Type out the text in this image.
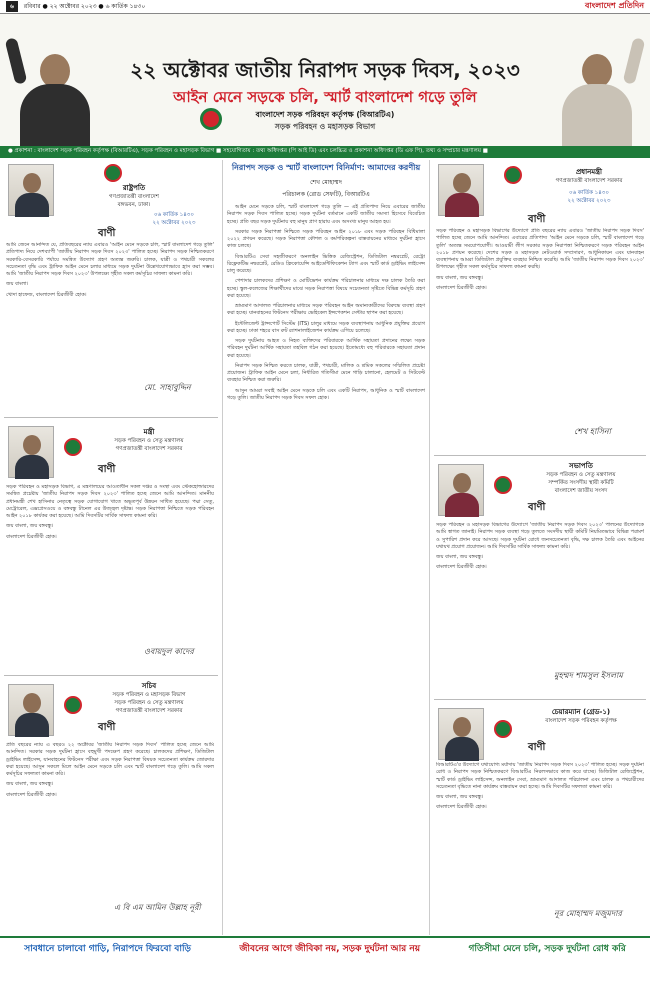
৬	রবিবার ● ২২ অক্টোবর ২০২৩ ● ৬ কার্তিক ১৪৩০	বাংলাদেশ প্রতিদিন
২২ অক্টোবর জাতীয় নিরাপদ সড়ক দিবস, ২০২৩
আইন মেনে সড়কে চলি, স্মার্ট বাংলাদেশ গড়ে তুলি
বাংলাদেশ সড়ক পরিবহন কর্তৃপক্ষ (বিআরটিএ)
সড়ক পরিবহন ও মহাসড়ক বিভাগ
● প্রকাশনা : বাংলাদেশ সড়ক পরিবহন কর্তৃপক্ষ (বিআরটিএ), সড়ক পরিবহন ও মহাসড়ক বিভাগ ■ সহযোগিতায় : তথ্য অধিদপ্তর (পি আই ডি) এবং চলচ্চিত্র ও প্রকাশনা অধিদপ্তর (ডি এফ পি), তথ্য ও সম্প্রচার মন্ত্রণালয় ■
রাষ্ট্রপতি
গণপ্রজাতন্ত্রী বাংলাদেশ
বঙ্গভবন, ঢাকা।
০৬ কার্তিক ১৪৩০
২২ অক্টোবর ২০২৩
বাণী

আমি জেনে আনন্দিত যে, প্রতিবছরের ন্যায় এবারও 'আইন মেনে সড়কে চলি, স্মার্ট বাংলাদেশ গড়ে তুলি' প্রতিপাদ্য নিয়ে দেশব্যাপী 'জাতীয় নিরাপদ সড়ক দিবস ২০২৩' পালিত হচ্ছে। নিরাপদ সড়ক নিশ্চিতকরণে সরকারি-বেসরকারি পর্যায়ে সমন্বিত উদ্যোগ গ্রহণ অত্যন্ত জরুরি। চালক, যাত্রী ও পথচারী সকলের সচেতনতা বৃদ্ধি এবং ট্রাফিক আইন মেনে চলার মাধ্যমে সড়ক দুর্ঘটনা উল্লেখযোগ্যভাবে হ্রাস করা সম্ভব। আমি 'জাতীয় নিরাপদ সড়ক দিবস ২০২৩' উপলক্ষ্যে গৃহীত সকল কর্মসূচির সাফল্য কামনা করি।

জয় বাংলা।

খোদা হাফেজ, বাংলাদেশ চিরজীবী হোক।

মো. সাহাবুদ্দিন
মন্ত্রী
সড়ক পরিবহন ও সেতু মন্ত্রণালয়
গণপ্রজাতন্ত্রী বাংলাদেশ সরকার
বাণী

সড়ক পরিবহন ও মহাসড়ক বিভাগ, এ মন্ত্রণালয়ের আওতাধীন সকল দপ্তর ও সংস্থা এবং স্টেকহোল্ডারদের সমন্বিত প্রচেষ্টায় 'জাতীয় নিরাপদ সড়ক দিবস ২০২৩' পালিত হচ্ছে জেনে আমি আনন্দিত। মাননীয় প্রধানমন্ত্রী শেখ হাসিনার নেতৃত্বে সড়ক যোগাযোগ খাতে অভূতপূর্ব উন্নয়ন সাধিত হয়েছে। পদ্মা সেতু, মেট্রোরেল, এক্সপ্রেসওয়ে ও বঙ্গবন্ধু টানেল এর উজ্জ্বল দৃষ্টান্ত। সড়ক নিরাপত্তা নিশ্চিতে সড়ক পরিবহন আইন ২০১৮ কার্যকর করা হয়েছে। আমি দিবসটির সার্বিক সাফল্য কামনা করি।

জয় বাংলা, জয় বঙ্গবন্ধু।

বাংলাদেশ চিরজীবী হোক।

ওবায়দুল কাদের
সচিব
সড়ক পরিবহন ও মহাসড়ক বিভাগ
সড়ক পরিবহন ও সেতু মন্ত্রণালয়
গণপ্রজাতন্ত্রী বাংলাদেশ সরকার
বাণী

প্রতি বছরের ন্যায় এ বছরও ২২ অক্টোবর 'জাতীয় নিরাপদ সড়ক দিবস' পালিত হচ্ছে জেনে আমি আনন্দিত। সরকার সড়ক দুর্ঘটনা হ্রাসে বহুমুখী পদক্ষেপ গ্রহণ করেছে। চালকদের প্রশিক্ষণ, ডিজিটাল ড্রাইভিং লাইসেন্স, যানবাহনের ফিটনেস পরীক্ষা এবং সড়ক নিরাপত্তা বিষয়ক সচেতনতা কার্যক্রম জোরদার করা হয়েছে। আসুন সকলে মিলে আইন মেনে সড়কে চলি এবং স্মার্ট বাংলাদেশ গড়ে তুলি। আমি সকল কর্মসূচির সফলতা কামনা করি।

জয় বাংলা, জয় বঙ্গবন্ধু।

বাংলাদেশ চিরজীবী হোক।

এ বি এম আমিন উল্লাহ নূরী
নিরাপদ সড়ক ও স্মার্ট বাংলাদেশ বিনির্মাণ: আমাদের করণীয়
শেখ মোহাম্মদ
পরিচালক (রোড সেফটি), বিআরটিএ

আইন মেনে সড়কে চলি, স্মার্ট বাংলাদেশ গড়ে তুলি — এই প্রতিপাদ্য নিয়ে এবারের জাতীয় নিরাপদ সড়ক দিবস পালিত হচ্ছে। সড়ক দুর্ঘটনা বর্তমানে একটি জাতীয় সমস্যা হিসেবে বিবেচিত হচ্ছে। প্রতি বছর সড়ক দুর্ঘটনায় বহু মানুষ প্রাণ হারায় এবং অসংখ্য মানুষ আহত হয়।

সরকার সড়ক নিরাপত্তা নিশ্চিতে সড়ক পরিবহন আইন ২০১৮ এবং সড়ক পরিবহন বিধিমালা ২০২২ প্রণয়ন করেছে। সড়ক নিরাপত্তা কৌশল ও কর্মপরিকল্পনা বাস্তবায়নের মাধ্যমে দুর্ঘটনা হ্রাসে কাজ চলছে।

বিআরটিএ সেবা সহজীকরণে অনলাইন ভিত্তিক রেজিস্ট্রেশন, ডিজিটাল নম্বরপ্লেট, রেট্রো রিফ্লেকটিভ নম্বরপ্লেট, রেডিও ফ্রিকোয়েন্সি আইডেন্টিফিকেশন ট্যাগ এবং স্মার্ট কার্ড ড্রাইভিং লাইসেন্স চালু করেছে।

পেশাদার চালকদের প্রশিক্ষণ ও মোটিভেশন কার্যক্রম পরিচালনার মাধ্যমে দক্ষ চালক তৈরি করা হচ্ছে। স্কুল-কলেজের শিক্ষার্থীদের মাঝে সড়ক নিরাপত্তা বিষয়ে সচেতনতা সৃষ্টিতে বিভিন্ন কর্মসূচি গ্রহণ করা হয়েছে।

ভ্রাম্যমাণ আদালত পরিচালনার মাধ্যমে সড়ক পরিবহন আইন অমান্যকারীদের বিরুদ্ধে ব্যবস্থা গ্রহণ করা হচ্ছে। যানবাহনের ফিটনেস পরীক্ষায় ভেহিকেল ইন্সপেকশন সেন্টার স্থাপন করা হয়েছে।

ইন্টেলিজেন্ট ট্রান্সপোর্ট সিস্টেম (ITS) চালুর মাধ্যমে সড়ক ব্যবস্থাপনায় আধুনিক প্রযুক্তির প্রয়োগ করা হচ্ছে। ঢাকা শহরে বাস রুট র‍্যাশনালাইজেশন কার্যক্রম এগিয়ে চলেছে।

সড়ক দুর্ঘটনায় আহত ও নিহত ব্যক্তিদের পরিবারকে আর্থিক সহায়তা প্রদানের লক্ষ্যে সড়ক পরিবহন দুর্ঘটনা আর্থিক সহায়তা তহবিল গঠন করা হয়েছে। ইতোমধ্যে বহু পরিবারকে সহায়তা প্রদান করা হয়েছে।

নিরাপদ সড়ক নিশ্চিত করতে চালক, যাত্রী, পথচারী, মালিক ও শ্রমিক সকলের সম্মিলিত প্রচেষ্টা প্রয়োজন। ট্রাফিক আইন মেনে চলা, নির্ধারিত গতিসীমা মেনে গাড়ি চালানো, হেলমেট ও সিটবেল্ট ব্যবহার নিশ্চিত করা জরুরি।

আসুন আমরা সবাই আইন মেনে সড়কে চলি এবং একটি নিরাপদ, আধুনিক ও স্মার্ট বাংলাদেশ গড়ে তুলি। জাতীয় নিরাপদ সড়ক দিবস সফল হোক।

প্রধানমন্ত্রী
গণপ্রজাতন্ত্রী বাংলাদেশ সরকার
০৬ কার্তিক ১৪৩০
২২ অক্টোবর ২০২৩
বাণী

সড়ক পরিবহন ও মহাসড়ক বিভাগের উদ্যোগে প্রতি বছরের ন্যায় এবারও 'জাতীয় নিরাপদ সড়ক দিবস' পালিত হচ্ছে জেনে আমি আনন্দিত। এবারের প্রতিপাদ্য 'আইন মেনে সড়কে চলি, স্মার্ট বাংলাদেশ গড়ে তুলি' অত্যন্ত সময়োপযোগী। আওয়ামী লীগ সরকার সড়ক নিরাপত্তা নিশ্চিতকরণে সড়ক পরিবহন আইন ২০১৮ প্রণয়ন করেছে। দেশের সড়ক ও মহাসড়ক নেটওয়ার্ক সম্প্রসারণ, আধুনিকায়ন এবং যানবাহন ব্যবস্থাপনায় আমরা ডিজিটাল প্রযুক্তির ব্যবহার নিশ্চিত করেছি। আমি 'জাতীয় নিরাপদ সড়ক দিবস ২০২৩' উপলক্ষ্যে গৃহীত সকল কর্মসূচির সাফল্য কামনা করছি।

জয় বাংলা, জয় বঙ্গবন্ধু।

বাংলাদেশ চিরজীবী হোক।

শেখ হাসিনা
সভাপতি
সড়ক পরিবহন ও সেতু মন্ত্রণালয়
সম্পর্কিত সংসদীয় স্থায়ী কমিটি
বাংলাদেশ জাতীয় সংসদ
বাণী

সড়ক পরিবহন ও মহাসড়ক বিভাগের উদ্যোগে 'জাতীয় নিরাপদ সড়ক দিবস ২০২৩' পালনের উদ্যোগকে আমি স্বাগত জানাই। নিরাপদ সড়ক ব্যবস্থা গড়ে তুলতে সংসদীয় স্থায়ী কমিটি নিয়মিতভাবে বিভিন্ন পরামর্শ ও সুপারিশ প্রদান করে আসছে। সড়ক দুর্ঘটনা রোধে জনসচেতনতা বৃদ্ধি, দক্ষ চালক তৈরি এবং আইনের যথাযথ প্রয়োগ প্রয়োজন। আমি দিবসটির সার্বিক সাফল্য কামনা করি।

জয় বাংলা, জয় বঙ্গবন্ধু।

বাংলাদেশ চিরজীবী হোক।

মুহম্মদ শামসুল ইসলাম
চেয়ারম্যান (গ্রেড-১)
বাংলাদেশ সড়ক পরিবহন কর্তৃপক্ষ
বাণী

বিআরটিএ'র উদ্যোগে যথাযোগ্য মর্যাদায় 'জাতীয় নিরাপদ সড়ক দিবস ২০২৩' পালিত হচ্ছে। সড়ক দুর্ঘটনা রোধ ও নিরাপদ সড়ক নিশ্চিতকরণে বিআরটিএ নিরলসভাবে কাজ করে যাচ্ছে। ডিজিটাল রেজিস্ট্রেশন, স্মার্ট কার্ড ড্রাইভিং লাইসেন্স, অনলাইন সেবা, ভ্রাম্যমাণ আদালত পরিচালনা এবং চালক ও পথচারীদের সচেতনতা বৃদ্ধিতে নানা কার্যক্রম বাস্তবায়ন করা হচ্ছে। আমি দিবসটির সফলতা কামনা করি।

জয় বাংলা, জয় বঙ্গবন্ধু।

বাংলাদেশ চিরজীবী হোক।

নূর মোহাম্মদ মজুমদার
সাবধানে চালাবো গাড়ি, নিরাপদে ফিরবো বাড়ি	জীবনের আগে জীবিকা নয়, সড়ক দুর্ঘটনা আর নয়	গতিসীমা মেনে চলি, সড়ক দুর্ঘটনা রোধ করি
